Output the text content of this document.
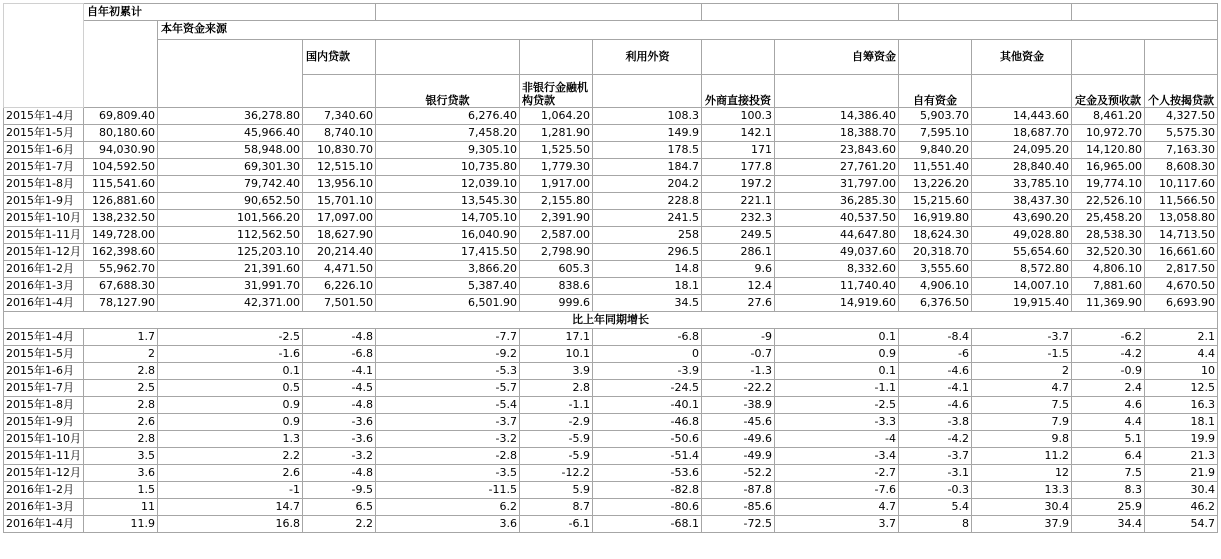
	自年初累计											
		本年资金来源										
			国内贷款			利用外资		自筹资金		其他资金		
				银行贷款	非银行金融机构贷款		外商直接投资		自有资金		定金及预收款	个人按揭贷款
2015年1-4月	69,809.40	36,278.80	7,340.60	6,276.40	1,064.20	108.3	100.3	14,386.40	5,903.70	14,443.60	8,461.20	4,327.50
2015年1-5月	80,180.60	45,966.40	8,740.10	7,458.20	1,281.90	149.9	142.1	18,388.70	7,595.10	18,687.70	10,972.70	5,575.30
2015年1-6月	94,030.90	58,948.00	10,830.70	9,305.10	1,525.50	178.5	171	23,843.60	9,840.20	24,095.20	14,120.80	7,163.30
2015年1-7月	104,592.50	69,301.30	12,515.10	10,735.80	1,779.30	184.7	177.8	27,761.20	11,551.40	28,840.40	16,965.00	8,608.30
2015年1-8月	115,541.60	79,742.40	13,956.10	12,039.10	1,917.00	204.2	197.2	31,797.00	13,226.20	33,785.10	19,774.10	10,117.60
2015年1-9月	126,881.60	90,652.50	15,701.10	13,545.30	2,155.80	228.8	221.1	36,285.30	15,215.60	38,437.30	22,526.10	11,566.50
2015年1-10月	138,232.50	101,566.20	17,097.00	14,705.10	2,391.90	241.5	232.3	40,537.50	16,919.80	43,690.20	25,458.20	13,058.80
2015年1-11月	149,728.00	112,562.50	18,627.90	16,040.90	2,587.00	258	249.5	44,647.80	18,624.30	49,028.80	28,538.30	14,713.50
2015年1-12月	162,398.60	125,203.10	20,214.40	17,415.50	2,798.90	296.5	286.1	49,037.60	20,318.70	55,654.60	32,520.30	16,661.60
2016年1-2月	55,962.70	21,391.60	4,471.50	3,866.20	605.3	14.8	9.6	8,332.60	3,555.60	8,572.80	4,806.10	2,817.50
2016年1-3月	67,688.30	31,991.70	6,226.10	5,387.40	838.6	18.1	12.4	11,740.40	4,906.10	14,007.10	7,881.60	4,670.50
2016年1-4月	78,127.90	42,371.00	7,501.50	6,501.90	999.6	34.5	27.6	14,919.60	6,376.50	19,915.40	11,369.90	6,693.90
比上年同期增长												
2015年1-4月	1.7	-2.5	-4.8	-7.7	17.1	-6.8	-9	0.1	-8.4	-3.7	-6.2	2.1
2015年1-5月	2	-1.6	-6.8	-9.2	10.1	0	-0.7	0.9	-6	-1.5	-4.2	4.4
2015年1-6月	2.8	0.1	-4.1	-5.3	3.9	-3.9	-1.3	0.1	-4.6	2	-0.9	10
2015年1-7月	2.5	0.5	-4.5	-5.7	2.8	-24.5	-22.2	-1.1	-4.1	4.7	2.4	12.5
2015年1-8月	2.8	0.9	-4.8	-5.4	-1.1	-40.1	-38.9	-2.5	-4.6	7.5	4.6	16.3
2015年1-9月	2.6	0.9	-3.6	-3.7	-2.9	-46.8	-45.6	-3.3	-3.8	7.9	4.4	18.1
2015年1-10月	2.8	1.3	-3.6	-3.2	-5.9	-50.6	-49.6	-4	-4.2	9.8	5.1	19.9
2015年1-11月	3.5	2.2	-3.2	-2.8	-5.9	-51.4	-49.9	-3.4	-3.7	11.2	6.4	21.3
2015年1-12月	3.6	2.6	-4.8	-3.5	-12.2	-53.6	-52.2	-2.7	-3.1	12	7.5	21.9
2016年1-2月	1.5	-1	-9.5	-11.5	5.9	-82.8	-87.8	-7.6	-0.3	13.3	8.3	30.4
2016年1-3月	11	14.7	6.5	6.2	8.7	-80.6	-85.6	4.7	5.4	30.4	25.9	46.2
2016年1-4月	11.9	16.8	2.2	3.6	-6.1	-68.1	-72.5	3.7	8	37.9	34.4	54.7
